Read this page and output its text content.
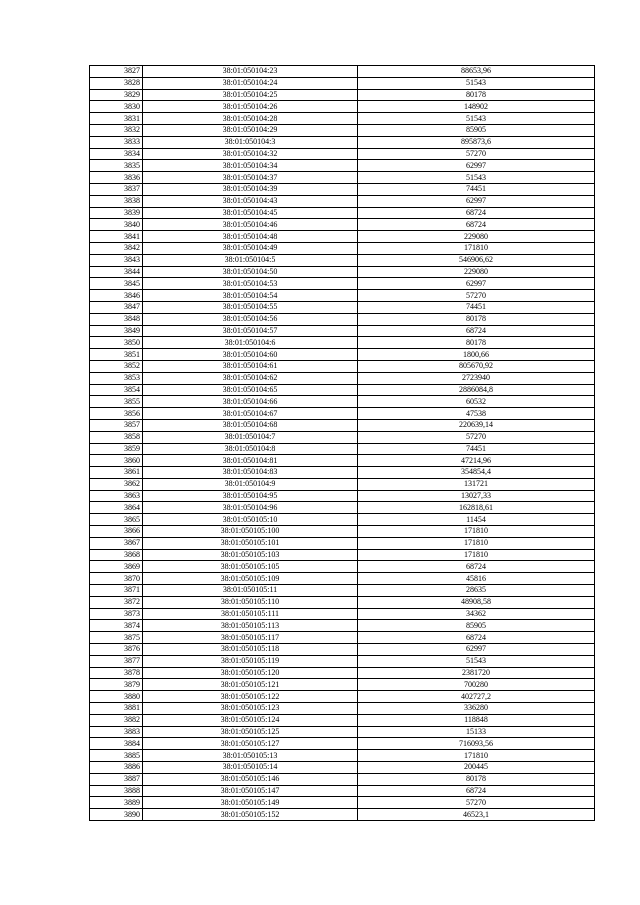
3827	38:01:050104:23	88653,96
3828	38:01:050104:24	51543
3829	38:01:050104:25	80178
3830	38:01:050104:26	148902
3831	38:01:050104:28	51543
3832	38:01:050104:29	85905
3833	38:01:050104:3	895873,6
3834	38:01:050104:32	57270
3835	38:01:050104:34	62997
3836	38:01:050104:37	51543
3837	38:01:050104:39	74451
3838	38:01:050104:43	62997
3839	38:01:050104:45	68724
3840	38:01:050104:46	68724
3841	38:01:050104:48	229080
3842	38:01:050104:49	171810
3843	38:01:050104:5	546906,62
3844	38:01:050104:50	229080
3845	38:01:050104:53	62997
3846	38:01:050104:54	57270
3847	38:01:050104:55	74451
3848	38:01:050104:56	80178
3849	38:01:050104:57	68724
3850	38:01:050104:6	80178
3851	38:01:050104:60	1800,66
3852	38:01:050104:61	805670,92
3853	38:01:050104:62	2723940
3854	38:01:050104:65	2886084,8
3855	38:01:050104:66	60532
3856	38:01:050104:67	47538
3857	38:01:050104:68	220639,14
3858	38:01:050104:7	57270
3859	38:01:050104:8	74451
3860	38:01:050104:81	47214,96
3861	38:01:050104:83	354854,4
3862	38:01:050104:9	131721
3863	38:01:050104:95	13027,33
3864	38:01:050104:96	162818,61
3865	38:01:050105:10	11454
3866	38:01:050105:100	171810
3867	38:01:050105:101	171810
3868	38:01:050105:103	171810
3869	38:01:050105:105	68724
3870	38:01:050105:109	45816
3871	38:01:050105:11	28635
3872	38:01:050105:110	48908,58
3873	38:01:050105:111	34362
3874	38:01:050105:113	85905
3875	38:01:050105:117	68724
3876	38:01:050105:118	62997
3877	38:01:050105:119	51543
3878	38:01:050105:120	2381720
3879	38:01:050105:121	700280
3880	38:01:050105:122	402727,2
3881	38:01:050105:123	336280
3882	38:01:050105:124	118848
3883	38:01:050105:125	15133
3884	38:01:050105:127	716093,56
3885	38:01:050105:13	171810
3886	38:01:050105:14	200445
3887	38:01:050105:146	80178
3888	38:01:050105:147	68724
3889	38:01:050105:149	57270
3890	38:01:050105:152	46523,1
